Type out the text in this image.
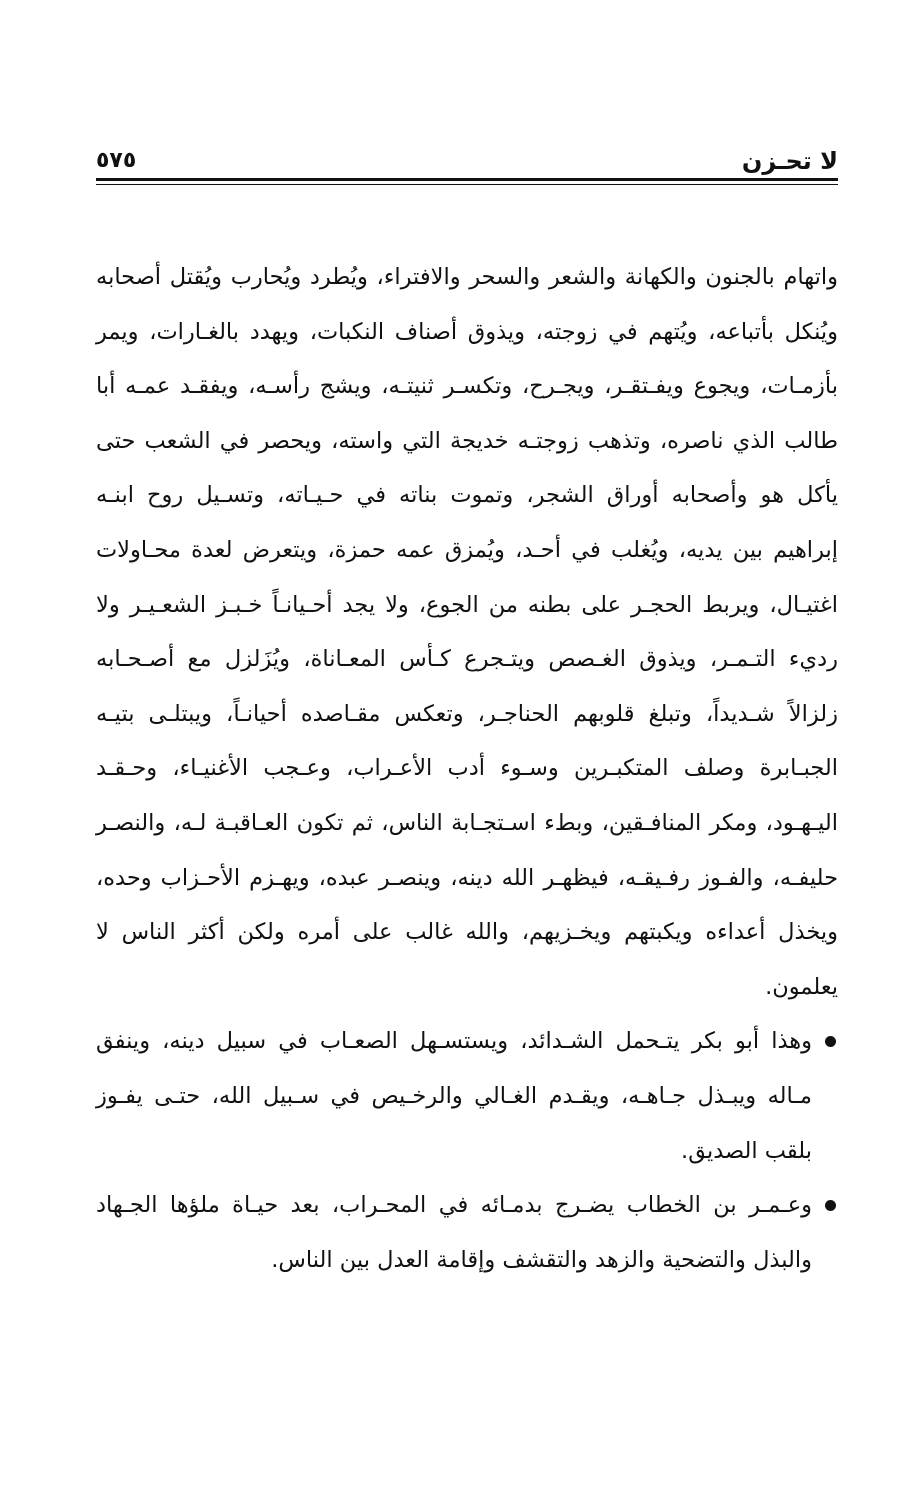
لا تحـزن
٥٧٥

واتهام بالجنون والكهانة والشعر والسحر والافتراء، ويُطرد ويُحارب ويُقتل أصحابه ويُنكل بأتباعه، ويُتهم في زوجته، ويذوق أصناف النكبات، ويهدد بالغـارات، ويمر بأزمـات، ويجوع ويفـتقـر، ويجـرح، وتكسـر ثنيتـه، ويشج رأسـه، ويفقـد عمـه أبا طالب الذي ناصره، وتذهب زوجتـه خديجة التي واسته، ويحصر في الشعب حتى يأكل هو وأصحابه أوراق الشجر، وتموت بناته في حـيـاته، وتسـيل روح ابنـه إبراهيم بين يديه، ويُغلب في أحـد، ويُمزق عمه حمزة، ويتعرض لعدة محـاولات اغتيـال، ويربط الحجـر على بطنه من الجوع، ولا يجد أحـيانـاً خـبـز الشعـيـر ولا رديء التـمـر، ويذوق الغـصص ويتـجرع كـأس المعـاناة، ويُزَلزل مع أصـحـابه زلزالاً شـديداً، وتبلغ قلوبهم الحناجـر، وتعكس مقـاصده أحيانـاً، ويبتلـى بتيـه الجبـابرة وصلف المتكبـرين وسـوء أدب الأعـراب، وعـجب الأغنيـاء، وحـقـد اليـهـود، ومكر المنافـقين، وبطء اسـتجـابة الناس، ثم تكون العـاقبـة لـه، والنصـر حليفـه، والفـوز رفـيقـه، فيظهـر الله دينه، وينصـر عبده، ويهـزم الأحـزاب وحده، ويخذل أعداءه ويكبتهم ويخـزيهم، والله غالب على أمره ولكن أكثر الناس لا يعلمون.

وهذا أبو بكر يتـحمل الشـدائد، ويستسـهل الصعـاب في سبيل دينه، وينفق مـاله ويبـذل جـاهـه، ويقـدم الغـالي والرخـيص في سـبيل الله، حتـى يفـوز بلقب الصديق.
وعـمـر بن الخطاب يضـرج بدمـائه في المحـراب، بعد حيـاة ملؤها الجـهاد والبذل والتضحية والزهد والتقشف وإقامة العدل بين الناس.
